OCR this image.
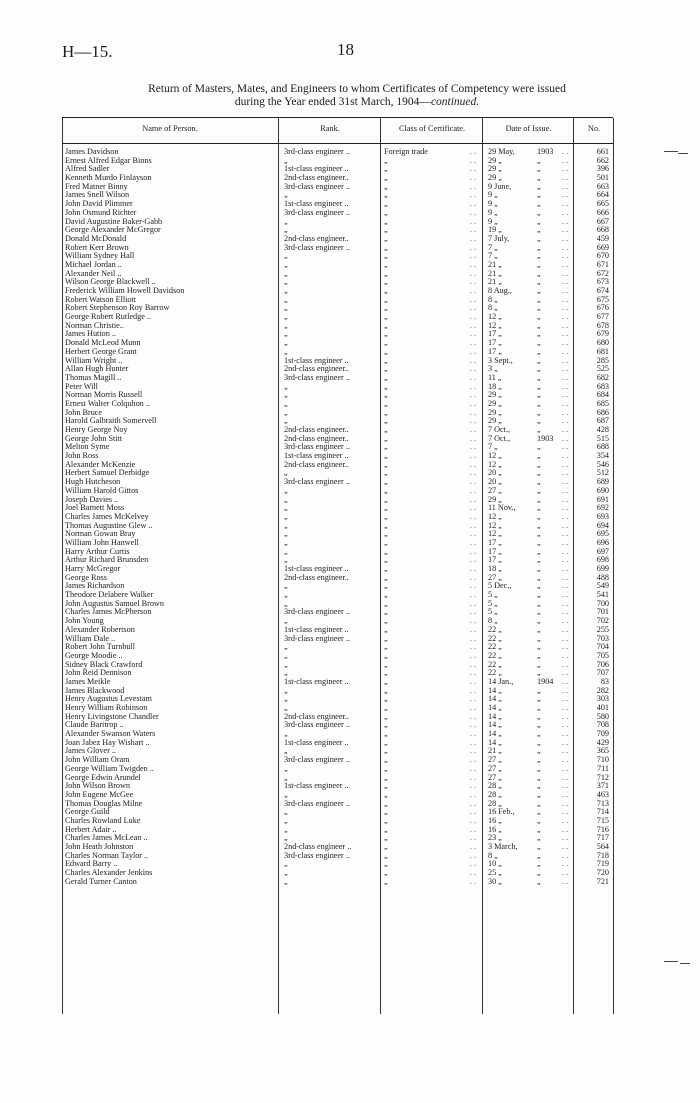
H—15.	18
Return of Masters, Mates, and Engineers to whom Certificates of Competency were issued
during the Year ended 31st March, 1904—continued.
Name of Person.	Rank.	Class of Certificate.	Date of Issue.	No.
James Davidson	3rd-class engineer ..	Foreign trade	29 May,	1903	661
. .	. .
Ernest Alfred Edgar Binns	„	„	29 „	„	662
. .	. .
Alfred Sadler	1st-class engineer ..	„	29 „	„	396
. .	. .
Kenneth Murdo Finlayson	2nd-class engineer..	„	29 „	„	501
. .	. .
Fred Matner Binny	3rd-class engineer ..	„	9 June,	„	663
. .	. .
James Snell Wilson	„	„	9 „	„	664
. .	. .
John David Plimmer	1st-class engineer ..	„	9 „	„	665
. .	. .
John Osmund Richter	3rd-class engineer ..	„	9 „	„	666
. .	. .
David Augustine Baker-Gabb	„	„	9 „	„	667
. .	. .
George Alexander McGregor	„	„	19 „	„	668
. .	. .
Donald McDonald	2nd-class engineer..	„	7 July,	„	459
. .	. .
Robert Kerr Brown	3rd-class engineer ..	„	7 „	„	669
. .	. .
William Sydney Hall	„	„	7 „	„	670
. .	. .
Michael Jordan ..	„	„	21 „	„	671
. .	. .
Alexander Neil ..	„	„	21 „	„	672
. .	. .
Wilson George Blackwell ..	„	„	21 „	„	673
. .	. .
Frederick William Howell Davidson	„	„	8 Aug.,	„	674
. .	. .
Robert Watson Elliott	„	„	8 „	„	675
. .	. .
Robert Stephenson Roy Barrow	„	„	8 „	„	676
. .	. .
George Robert Rutledge ..	„	„	12 „	„	677
. .	. .
Norman Christie..	„	„	12 „	„	678
. .	. .
James Hutton ..	„	„	17 „	„	679
. .	. .
Donald McLeod Munn	„	„	17 „	„	680
. .	. .
Herbert George Grant	„	„	17 „	„	681
. .	. .
William Wright ..	1st-class engineer ..	„	3 Sept.,	„	285
. .	. .
Allan Hugh Hunter	2nd-class engineer..	„	3 „	„	525
. .	. .
Thomas Magill ..	3rd-class engineer ..	„	11 „	„	682
. .	. .
Peter Will	„	„	18 „	„	683
. .	. .
Norman Morris Russell	„	„	29 „	„	684
. .	. .
Ernest Walter Colquhon ..	„	„	29 „	„	685
. .	. .
John Bruce	„	„	29 „	„	686
. .	. .
Harold Galbraith Somervell	„	„	29 „	„	687
. .	. .
Henry George Noy	2nd-class engineer..	„	7 Oct.,	„	428
. .	. .
George John Stitt	2nd-class engineer..	„	7 Oct.,	1903	515
. .	. .
Melton Syme	3rd-class engineer ..	„	7 „	„	688
. .	. .
John Ross	1st-class engineer ..	„	12 „	„	354
. .	. .
Alexander McKenzie	2nd-class engineer..	„	12 „	„	546
. .	. .
Herbert Samuel Derbidge	„	„	20 „	„	512
. .	. .
Hugh Hutcheson	3rd-class engineer ..	„	20 „	„	689
. .	. .
William Harold Gittos	„	„	27 „	„	690
. .	. .
Joseph Davies ..	„	„	29 „	„	691
. .	. .
Joel Barnett Moss	„	„	11 Nov.,	„	692
. .	. .
Charles James McKelvey	„	„	12 „	„	693
. .	. .
Thomas Augustine Glew ..	„	„	12 „	„	694
. .	. .
Norman Gowan Bray	„	„	12 „	„	695
. .	. .
William John Hanwell	„	„	17 „	„	696
. .	. .
Harry Arthur Curtis	„	„	17 „	„	697
. .	. .
Arthur Richard Brunsden	„	„	17 „	„	698
. .	. .
Harry McGregor	1st-class engineer ..	„	18 „	„	699
. .	. .
George Ross	2nd-class engineer..	„	27 „	„	488
. .	. .
James Richardson	„	„	5 Dec.,	„	549
. .	. .
Theodore Delabere Walker	„	„	5 „	„	541
. .	. .
John Augustus Samuel Brown	„	„	5 „	„	700
. .	. .
Charles James McPherson	3rd-class engineer ..	„	5 „	„	701
. .	. .
John Young	„	„	8 „	„	702
. .	. .
Alexander Robertson	1st-class engineer ..	„	22 „	„	255
. .	. .
William Dale ..	3rd-class engineer ..	„	22 „	„	703
. .	. .
Robert John Turnbull	„	„	22 „	„	704
. .	. .
George Moodie ..	„	„	22 „	„	705
. .	. .
Sidney Black Crawford	„	„	22 „	„	706
. .	. .
John Reid Dennison	„	„	22 „	„	707
. .	. .
James Meikle	1st-class engineer ..	„	14 Jan.,	1904	83
. .	. .
James Blackwood	„	„	14 „	„	282
. .	. .
Henry Augustus Levestam	„	„	14 „	„	303
. .	. .
Henry William Robinson	„	„	14 „	„	401
. .	. .
Henry Livingstone Chandler	2nd-class engineer..	„	14 „	„	580
. .	. .
Claude Baritrop ..	3rd-class engineer ..	„	14 „	„	708
. .	. .
Alexander Swanson Waters	„	„	14 „	„	709
. .	. .
Joan Jabez Hay Wishart ..	1st-class engineer ..	„	14 „	„	429
. .	. .
James Glover ..	„	„	21 „	„	365
. .	. .
John William Oram	3rd-class engineer ..	„	27 „	„	710
. .	. .
George William Twigden ..	„	„	27 „	„	711
. .	. .
George Edwin Arundel	„	„	27 „	„	712
. .	. .
John Wilson Brown	1st-class engineer ..	„	28 „	„	371
. .	. .
John Eugene McGee	„	„	28 „	„	463
. .	. .
Thomas Douglas Milne	3rd-class engineer ..	„	28 „	„	713
. .	. .
George Guild	„	„	16 Feb.,	„	714
. .	. .
Charles Rowland Luke	„	„	16 „	„	715
. .	. .
Herbert Adair ..	„	„	16 „	„	716
. .	. .
Charles James McLean ..	„	„	23 „	„	717
. .	. .
John Heath Johnston	2nd-class engineer ..	„	3 March,	„	564
. .	. .
Charles Norman Taylor ..	3rd-class engineer ..	„	8 „	„	718
. .	. .
Edward Barry ..	„	„	10 „	„	719
. .	. .
Charles Alexander Jenkins	„	„	25 „	„	720
. .	. .
Gerald Turner Canton	„	„	30 „	„	721
. .	. .
